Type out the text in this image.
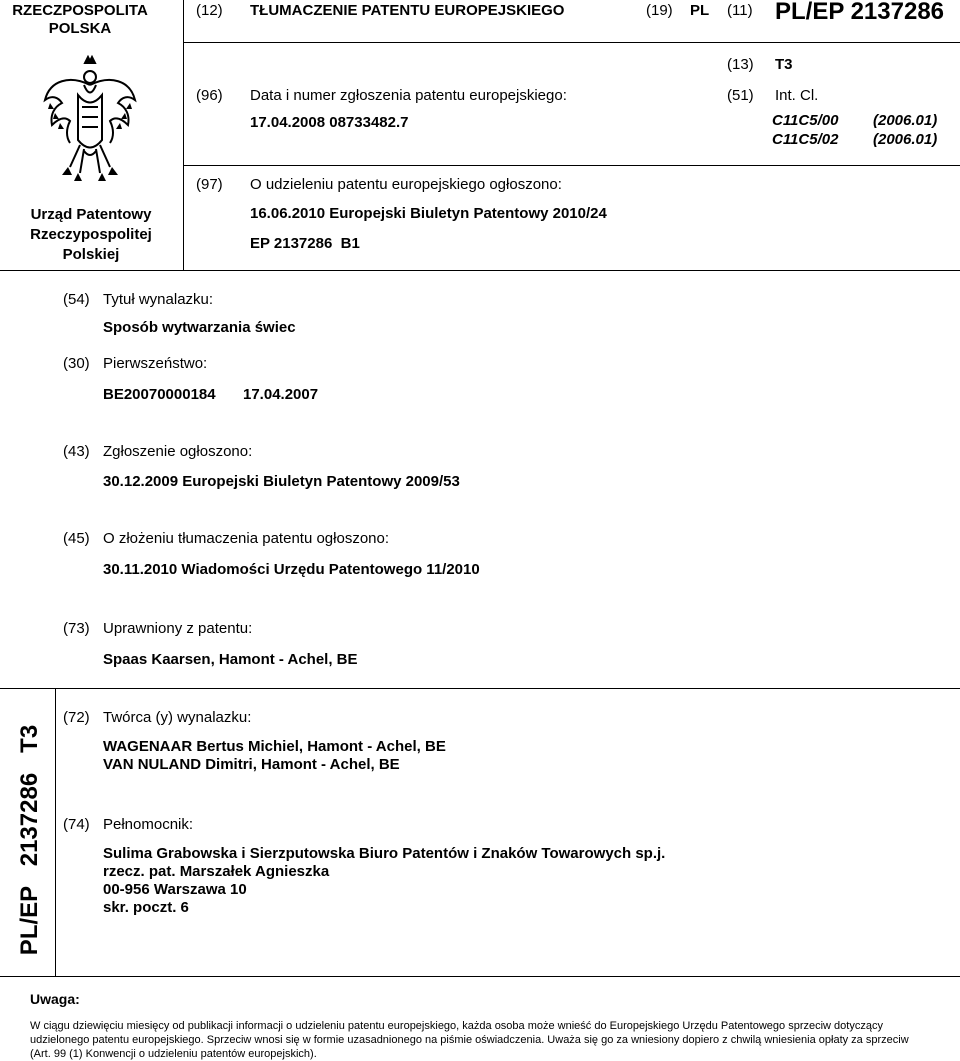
RZECZPOSPOLITA
POLSKA
(12) TŁUMACZENIE PATENTU EUROPEJSKIEGO	(19) PL (11) PL/EP 2137286
Urząd Patentowy
Rzeczypospolitej
Polskiej
(13) T3
(96) Data i numer zgłoszenia patentu europejskiego:
17.04.2008 08733482.7
(51) Int. Cl.
C11C5/00 (2006.01)
C11C5/02 (2006.01)
(97) O udzieleniu patentu europejskiego ogłoszono:
16.06.2010 Europejski Biuletyn Patentowy 2010/24
EP 2137286  B1
(54) Tytuł wynalazku:
Sposób wytwarzania świec
(30) Pierwszeństwo:
BE20070000184 17.04.2007
(43) Zgłoszenie ogłoszono:
30.12.2009 Europejski Biuletyn Patentowy 2009/53
(45) O złożeniu tłumaczenia patentu ogłoszono:
30.11.2010 Wiadomości Urzędu Patentowego 11/2010
(73) Uprawniony z patentu:
Spaas Kaarsen, Hamont - Achel, BE
PL/EP   2137286   T3
(72) Twórca (y) wynalazku:
WAGENAAR Bertus Michiel, Hamont - Achel, BE
VAN NULAND Dimitri, Hamont - Achel, BE
(74) Pełnomocnik:
Sulima Grabowska i Sierzputowska Biuro Patentów i Znaków Towarowych sp.j.
rzecz. pat. Marszałek Agnieszka
00-956 Warszawa 10
skr. poczt. 6
Uwaga:
W ciągu dziewięciu miesięcy od publikacji informacji o udzieleniu patentu europejskiego, każda osoba może wnieść do Europejskiego Urzędu Patentowego sprzeciw dotyczący udzielonego patentu europejskiego. Sprzeciw wnosi się w formie uzasadnionego na piśmie oświadczenia. Uważa się go za wniesiony dopiero z chwilą wniesienia opłaty za sprzeciw (Art. 99 (1) Konwencji o udzieleniu patentów europejskich).
